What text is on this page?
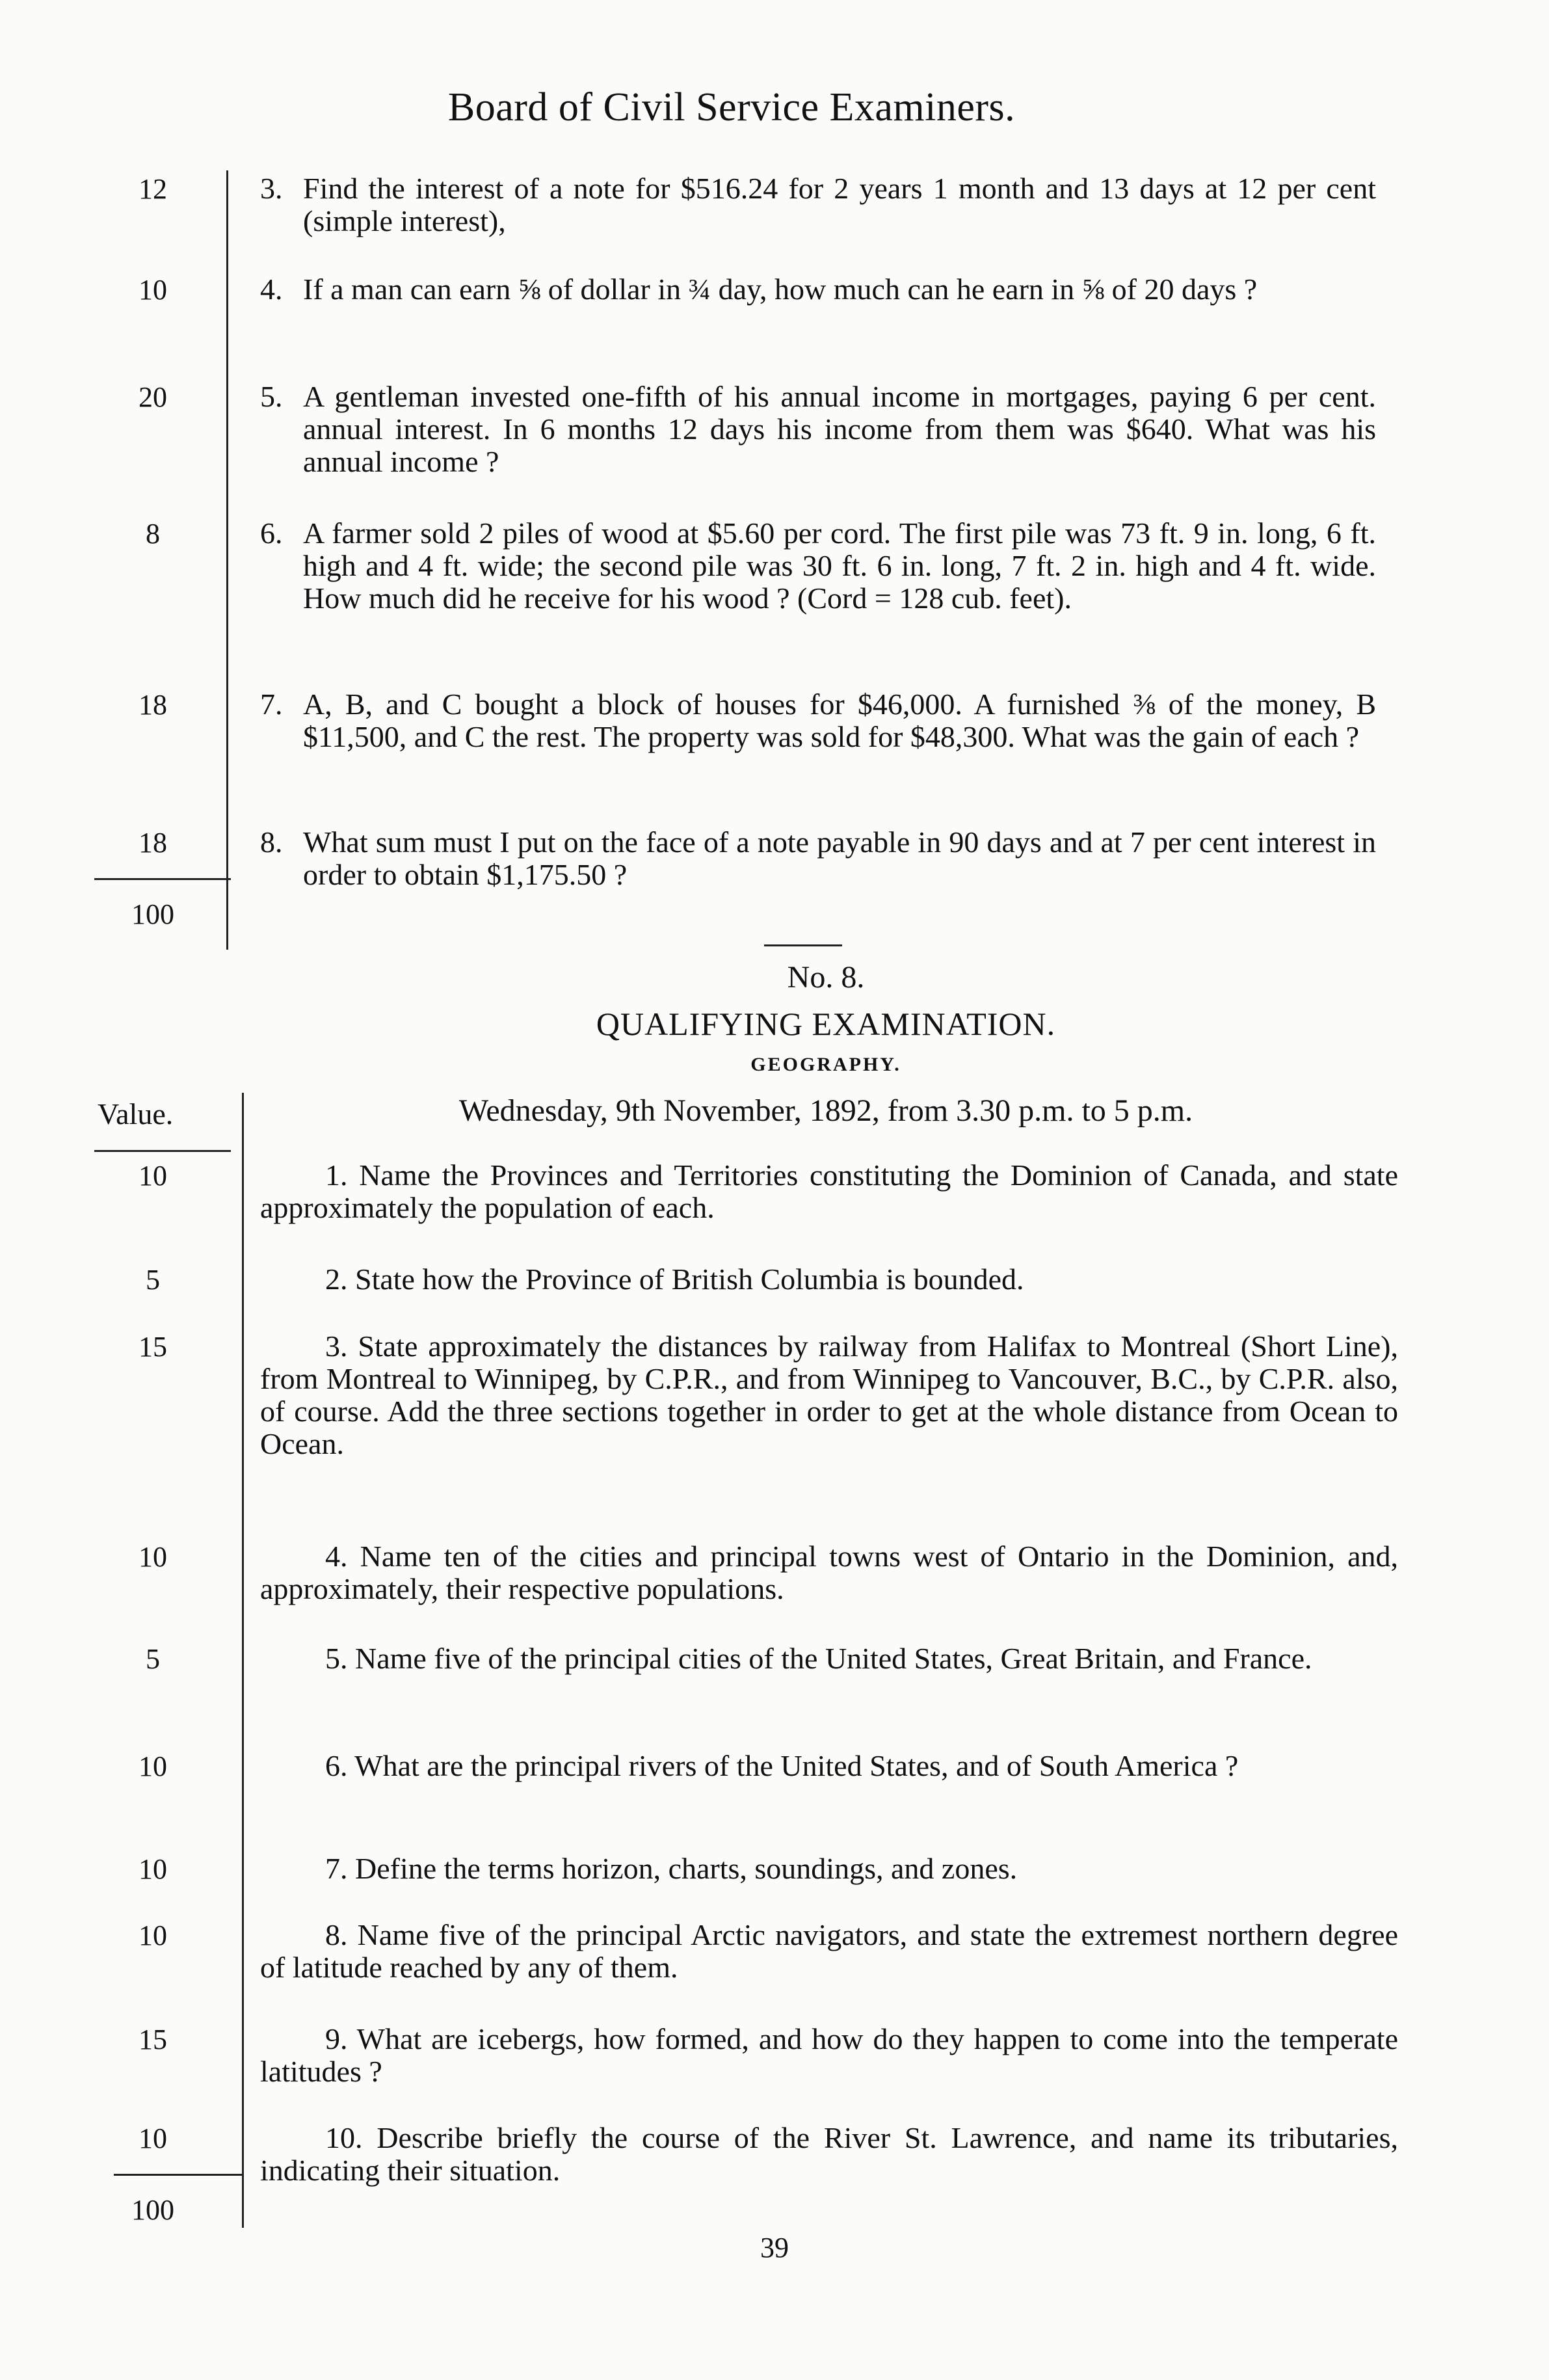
Board of Civil Service Examiners.
12	3. Find the interest of a note for $516.24 for 2 years 1 month and 13 days at 12 per cent (simple interest),
10	4. If a man can earn ⅝ of dollar in ¾ day, how much can he earn in ⅝ of 20 days ?
20	5. A gentleman invested one-fifth of his annual income in mortgages, paying 6 per cent. annual interest. In 6 months 12 days his income from them was $640. What was his annual income ?
8	6. A farmer sold 2 piles of wood at $5.60 per cord. The first pile was 73 ft. 9 in. long, 6 ft. high and 4 ft. wide; the second pile was 30 ft. 6 in. long, 7 ft. 2 in. high and 4 ft. wide. How much did he receive for his wood ? (Cord = 128 cub. feet).
18	7. A, B, and C bought a block of houses for $46,000. A furnished ⅜ of the money, B $11,500, and C the rest. The property was sold for $48,300. What was the gain of each ?
18	8. What sum must I put on the face of a note payable in 90 days and at 7 per cent interest in order to obtain $1,175.50 ?
100
No. 8.
QUALIFYING EXAMINATION.
GEOGRAPHY.
Wednesday, 9th November, 1892, from 3.30 p.m. to 5 p.m.
Value.
10	1. Name the Provinces and Territories constituting the Dominion of Canada, and state approximately the population of each.
5	2. State how the Province of British Columbia is bounded.
15	3. State approximately the distances by railway from Halifax to Montreal (Short Line), from Montreal to Winnipeg, by C.P.R., and from Winnipeg to Vancouver, B.C., by C.P.R. also, of course. Add the three sections together in order to get at the whole distance from Ocean to Ocean.
10	4. Name ten of the cities and principal towns west of Ontario in the Dominion, and, approximately, their respective populations.
5	5. Name five of the principal cities of the United States, Great Britain, and France.
10	6. What are the principal rivers of the United States, and of South America ?
10	7. Define the terms horizon, charts, soundings, and zones.
10	8. Name five of the principal Arctic navigators, and state the extremest northern degree of latitude reached by any of them.
15	9. What are icebergs, how formed, and how do they happen to come into the temperate latitudes ?
10	10. Describe briefly the course of the River St. Lawrence, and name its tributaries, indicating their situation.
100
39
